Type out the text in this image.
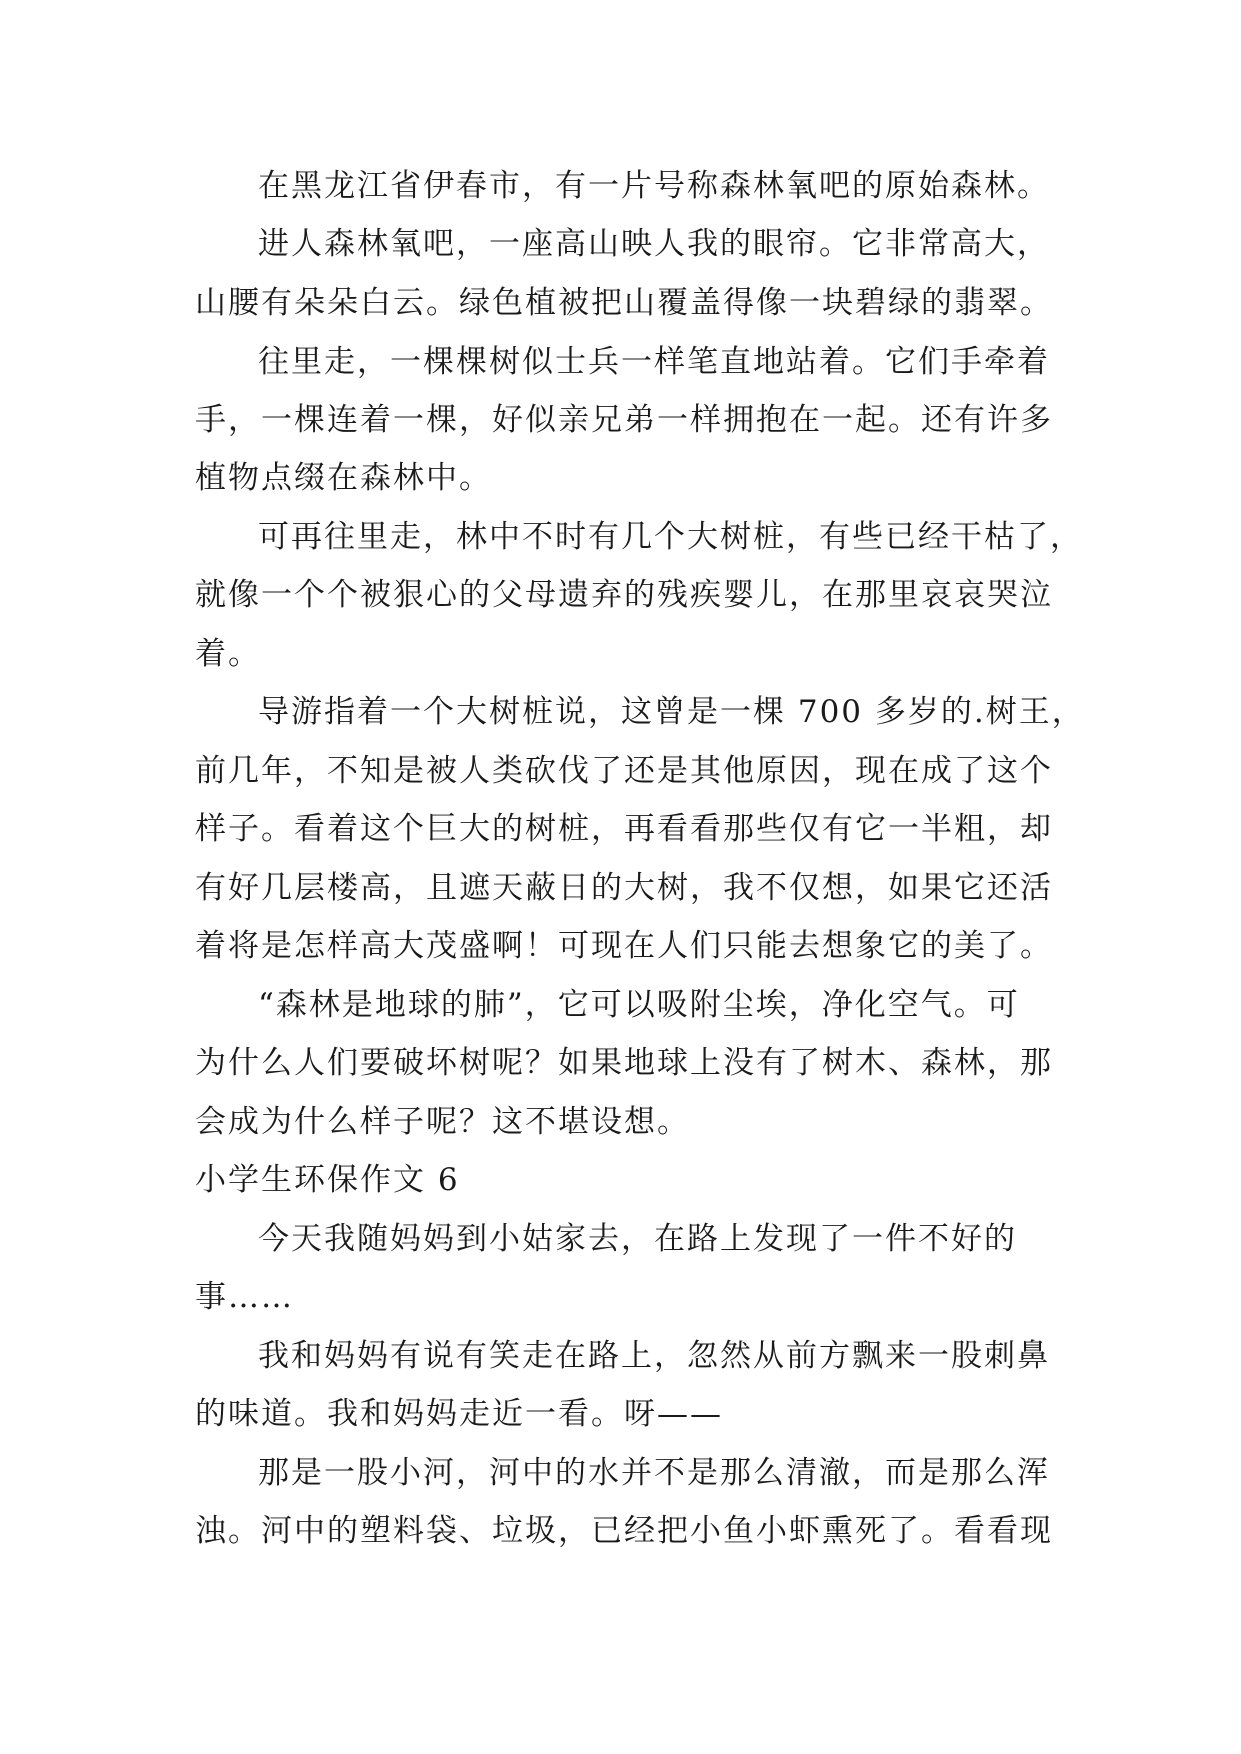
在黑龙江省伊春市，有一片号称森林氧吧的原始森林。

进人森林氧吧，一座高山映人我的眼帘。它非常高大，

山腰有朵朵白云。绿色植被把山覆盖得像一块碧绿的翡翠。

往里走，一棵棵树似士兵一样笔直地站着。它们手牵着

手，一棵连着一棵，好似亲兄弟一样拥抱在一起。还有许多

植物点缀在森林中。

可再往里走，林中不时有几个大树桩，有些已经干枯了，

就像一个个被狠心的父母遗弃的残疾婴儿，在那里哀哀哭泣

着。

导游指着一个大树桩说，这曾是一棵 700 多岁的.树王，

前几年，不知是被人类砍伐了还是其他原因，现在成了这个

样子。看着这个巨大的树桩，再看看那些仅有它一半粗，却

有好几层楼高，且遮天蔽日的大树，我不仅想，如果它还活

着将是怎样高大茂盛啊！可现在人们只能去想象它的美了。

“森林是地球的肺”，它可以吸附尘埃，净化空气。可

为什么人们要破坏树呢？如果地球上没有了树木、森林，那

会成为什么样子呢？这不堪设想。

小学生环保作文 6

今天我随妈妈到小姑家去，在路上发现了一件不好的

事……

我和妈妈有说有笑走在路上，忽然从前方飘来一股刺鼻

的味道。我和妈妈走近一看。呀——

那是一股小河，河中的水并不是那么清澈，而是那么浑

浊。河中的塑料袋、垃圾，已经把小鱼小虾熏死了。看看现
